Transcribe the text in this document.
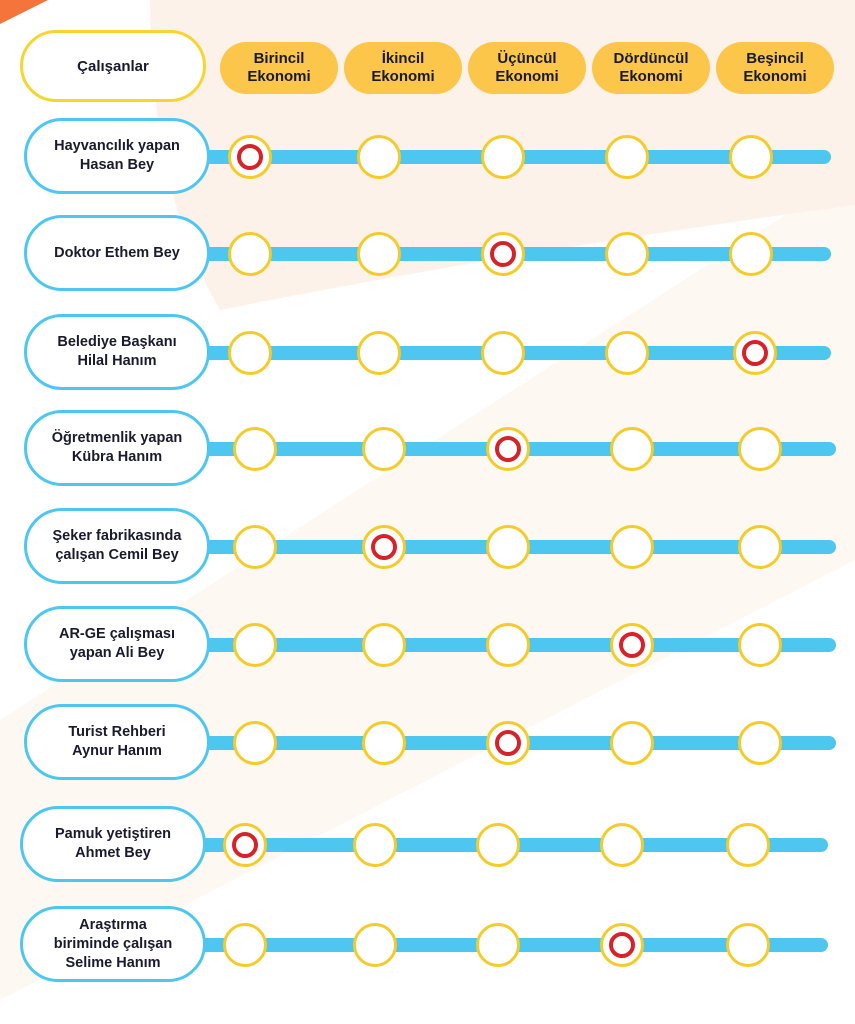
Çalışanlar	Birincil
Ekonomi
İkincil
Ekonomi
Üçüncül
Ekonomi
Dördüncül
Ekonomi
Beşincil
Ekonomi
Hayvancılık yapan
Hasan Bey
Doktor Ethem Bey
Belediye Başkanı
Hilal Hanım
Öğretmenlik yapan
Kübra Hanım
Şeker fabrikasında
çalışan Cemil Bey
AR-GE çalışması
yapan Ali Bey
Turist Rehberi
Aynur Hanım
Pamuk yetiştiren
Ahmet Bey
Araştırma
biriminde çalışan
Selime Hanım
